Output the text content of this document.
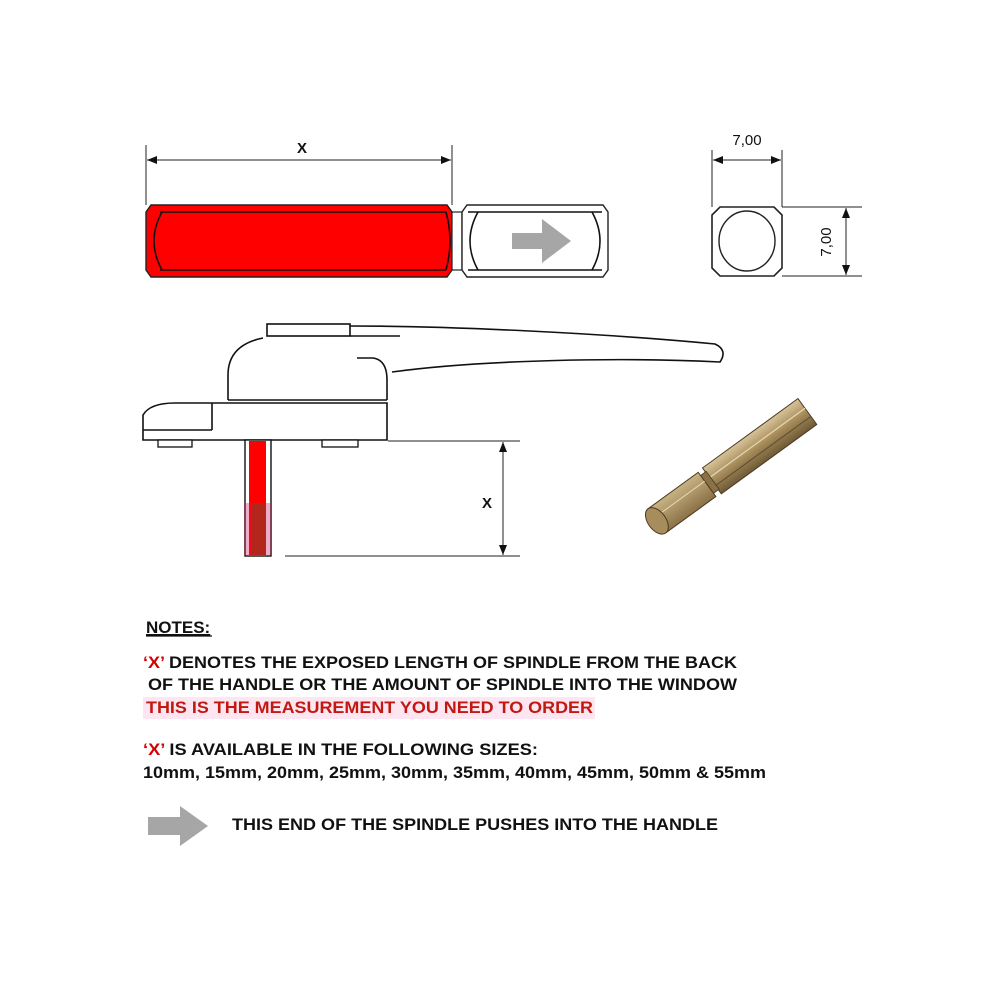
X	7,00
7,00
X
NOTES:
‘X’ DENOTES THE EXPOSED LENGTH OF SPINDLE FROM THE BACK
OF THE HANDLE OR THE AMOUNT OF SPINDLE INTO THE WINDOW
THIS IS THE MEASUREMENT YOU NEED TO ORDER
‘X’ IS AVAILABLE IN THE FOLLOWING SIZES:
10mm, 15mm, 20mm, 25mm, 30mm, 35mm, 40mm, 45mm, 50mm & 55mm
THIS END OF THE SPINDLE PUSHES INTO THE HANDLE
